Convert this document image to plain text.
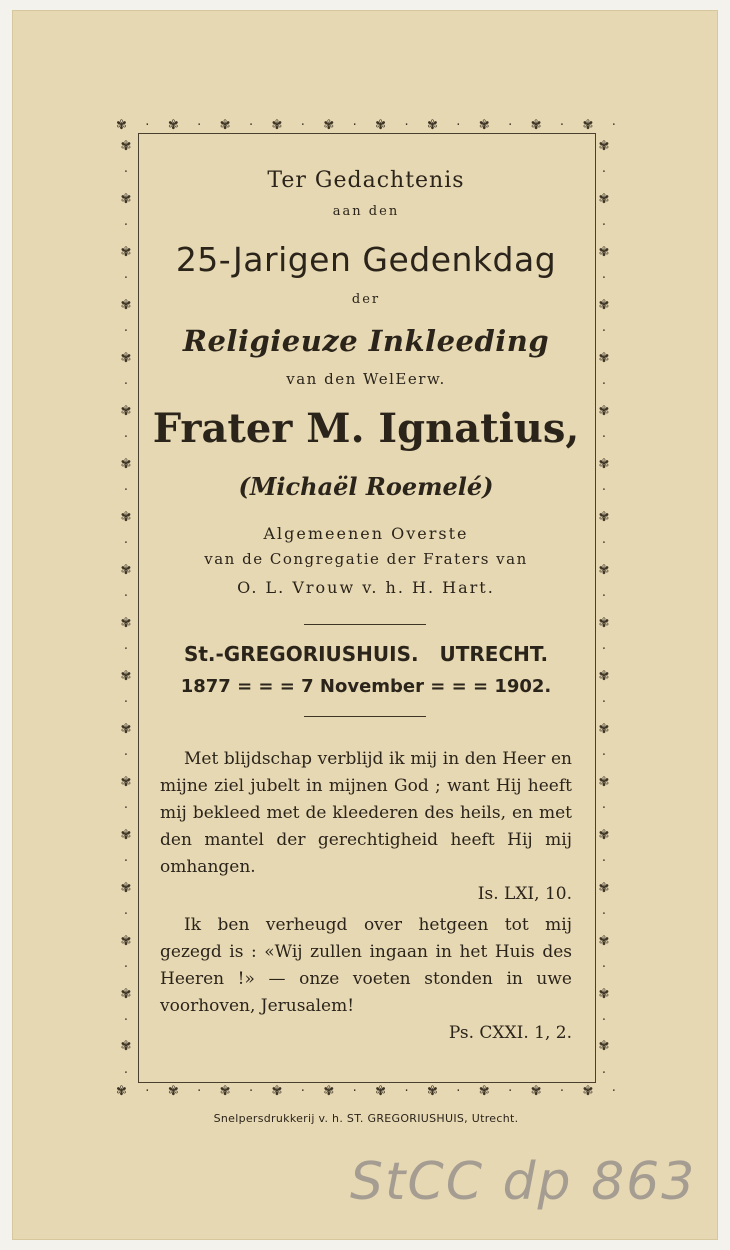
✾ · ✾ · ✾ · ✾ · ✾ · ✾ · ✾ · ✾ · ✾ · ✾ ·
✾ · ✾ · ✾ · ✾ · ✾ · ✾ · ✾ · ✾ · ✾ · ✾ ·
✾
·
✾
·
✾
·
✾
·
✾
·
✾
·
✾
·
✾
·
✾
·
✾
·
✾
·
✾
·
✾
·
✾
·
✾
·
✾
·
✾
·
✾
·
✾
·
✾
·
✾
·
✾
·
✾
·
✾
·
✾
·
✾
·
✾
·
✾
·
✾
·
✾
·
✾
·
✾
·
✾
·
✾
·
✾
·
✾
·
Ter Gedachtenis
aan den
25-Jarigen Gedenkdag
der
Religieuze Inkleeding
van den WelEerw.
Frater M. Ignatius,
(Michaël Roemelé)
Algemeenen Overste
van de Congregatie der Fraters van
O. L. Vrouw v. h. H. Hart.
St.-GREGORIUSHUIS.   UTRECHT.
1877 = = = 7 November = = = 1902.

Met blijdschap verblijd ik mij in den Heer en mijne ziel jubelt in mijnen God ; want Hij heeft mij bekleed met de kleederen des heils, en met den mantel der gerechtigheid heeft Hij mij omhangen.
Is. LXI, 10.

Ik ben verheugd over hetgeen tot mij gezegd is : «Wij zullen ingaan in het Huis des Heeren !» — onze voeten stonden in uwe voorhoven, Jerusalem!
Ps. CXXI. 1, 2.

Snelpersdrukkerij v. h. ST. GREGORIUSHUIS, Utrecht.
StCC dp 863
